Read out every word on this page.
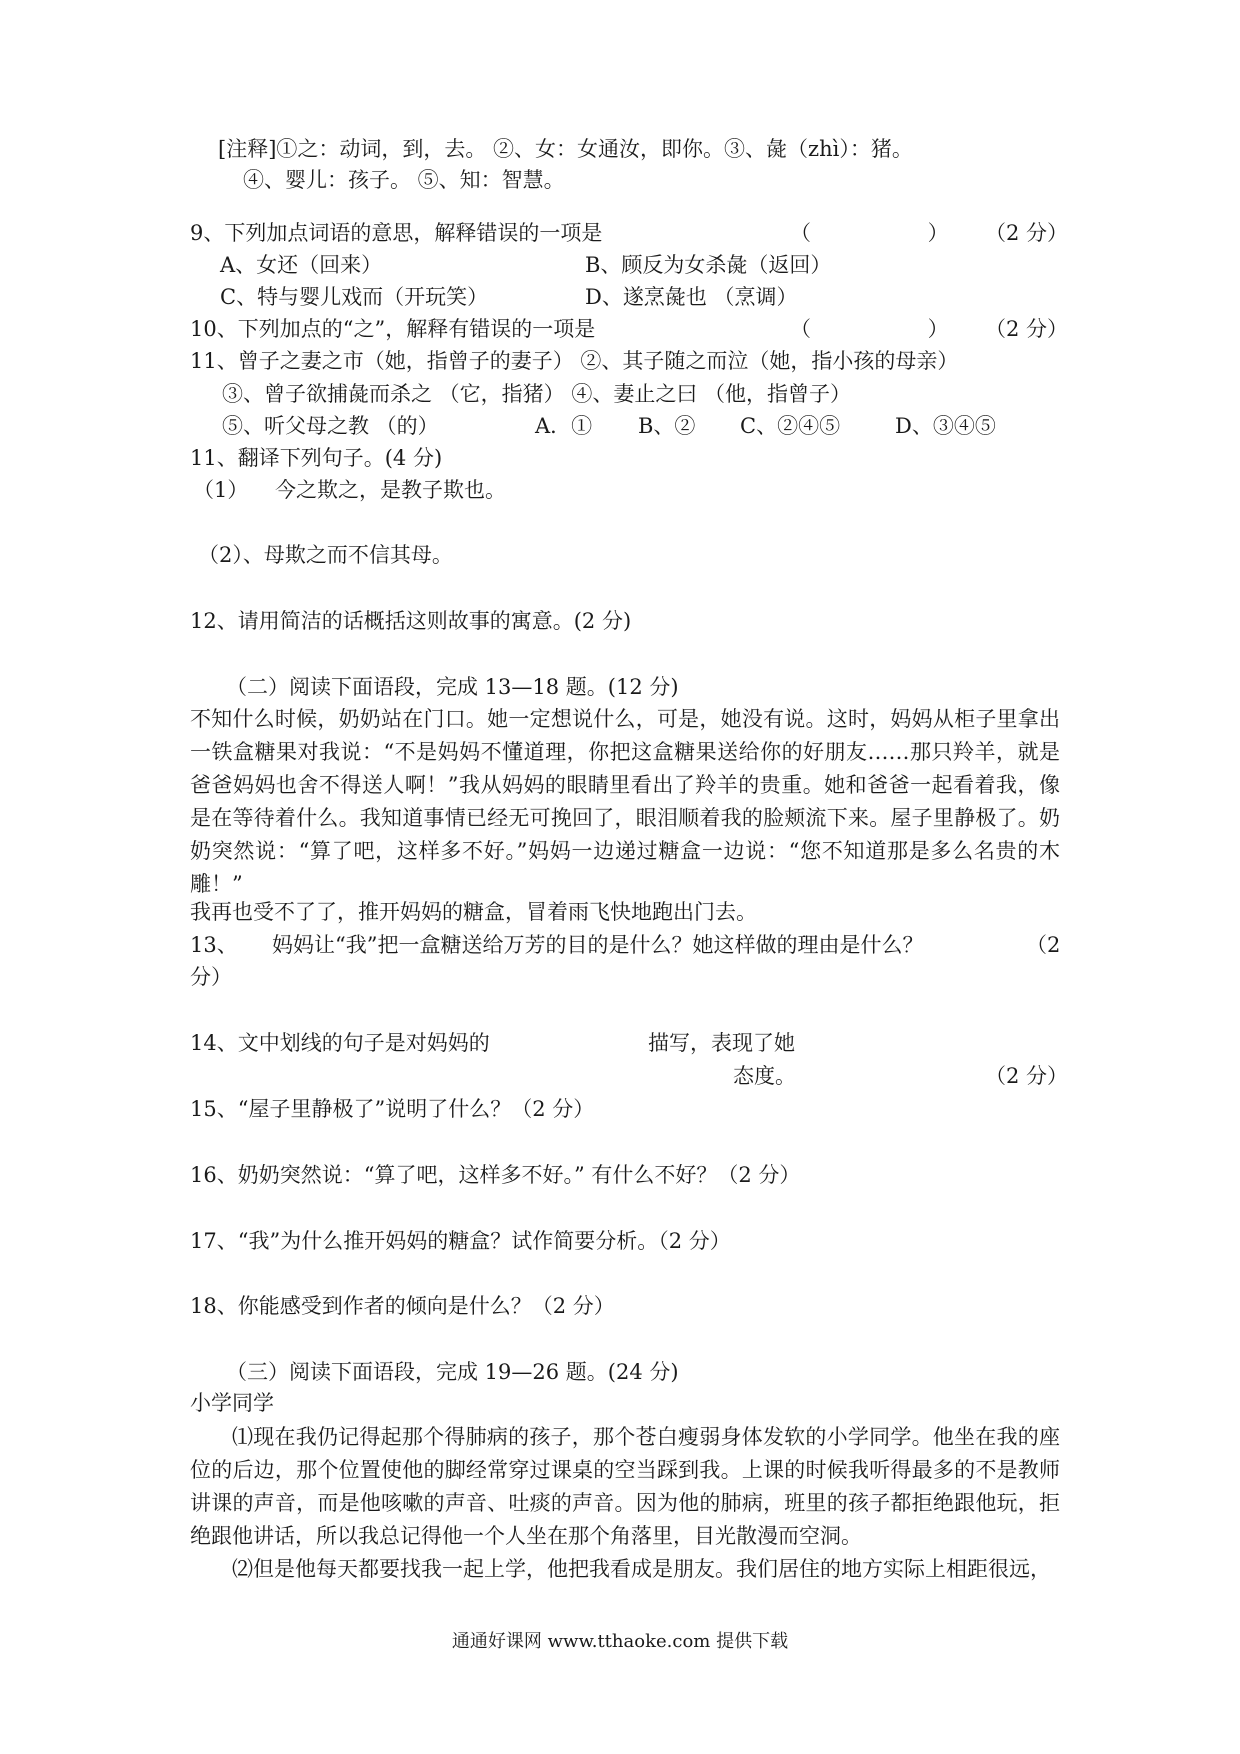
[注释]①之：动词，到，去。 ②、女：女通汝，即你。③、彘（zhì）：猪。
④、婴儿：孩子。 ⑤、知：智慧。
9、下列加点词语的意思，解释错误的一项是	（ ） （2 分）
A、女还（回来）	B、顾反为女杀彘（返回）
C、特与婴儿戏而（开玩笑）	D、遂烹彘也 （烹调）
10、下列加点的“之”，解释有错误的一项是	（ ） （2 分）
11、曾子之妻之市（她，指曾子的妻子） ②、其子随之而泣（她，指小孩的母亲）
③、曾子欲捕彘而杀之 （它，指猪） ④、妻止之曰 （他，指曾子）
⑤、听父母之教 （的）	A．① B、② C、②④⑤	D、③④⑤
11、翻译下列句子。(4 分)
（1） 今之欺之，是教子欺也。
（2）、母欺之而不信其母。
12、请用简洁的话概括这则故事的寓意。(2 分)
（二）阅读下面语段，完成 13—18 题。(12 分)
不知什么时候，奶奶站在门口。她一定想说什么，可是，她没有说。这时，妈妈从柜子里拿出一铁盒糖果对我说：“不是妈妈不懂道理，你把这盒糖果送给你的好朋友……那只羚羊，就是爸爸妈妈也舍不得送人啊！”我从妈妈的眼睛里看出了羚羊的贵重。她和爸爸一起看着我，像是在等待着什么。我知道事情已经无可挽回了，眼泪顺着我的脸颊流下来。屋子里静极了。奶奶突然说：“算了吧，这样多不好。”妈妈一边递过糖盒一边说：“您不知道那是多么名贵的木雕！”
我再也受不了了，推开妈妈的糖盒，冒着雨飞快地跑出门去。
13、 妈妈让“我”把一盒糖送给万芳的目的是什么？她这样做的理由是什么？	（2
分）
14、文中划线的句子是对妈妈的	描写，表现了她
态度。	（2 分）
15、“屋子里静极了”说明了什么？（2 分）
16、奶奶突然说：“算了吧，这样多不好。” 有什么不好？（2 分）
17、“我”为什么推开妈妈的糖盒？试作简要分析。（2 分）
18、你能感受到作者的倾向是什么？（2 分）
（三）阅读下面语段，完成 19—26 题。(24 分)
小学同学
⑴现在我仍记得起那个得肺病的孩子，那个苍白瘦弱身体发软的小学同学。他坐在我的座位的后边，那个位置使他的脚经常穿过课桌的空当踩到我。上课的时候我听得最多的不是教师讲课的声音，而是他咳嗽的声音、吐痰的声音。因为他的肺病，班里的孩子都拒绝跟他玩，拒绝跟他讲话，所以我总记得他一个人坐在那个角落里，目光散漫而空洞。
⑵但是他每天都要找我一起上学，他把我看成是朋友。我们居住的地方实际上相距很远，
通通好课网 www.tthaoke.com 提供下载
